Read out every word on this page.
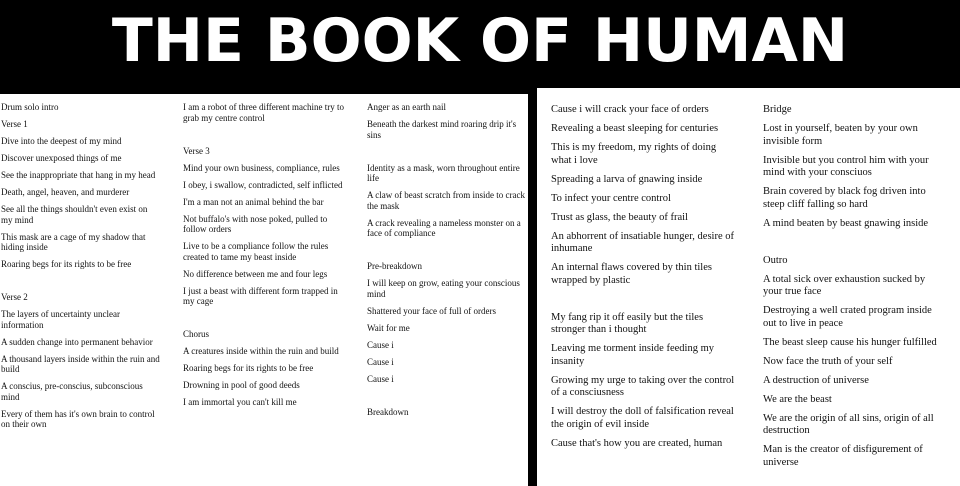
THE BOOK OF HUMAN
Drum solo intro
Verse 1
Dive into the deepest of my mind
Discover unexposed things of me
See the inappropriate that hang in my head
Death, angel, heaven, and murderer
See all the things shouldn't even exist on my mind
This mask are a cage of my shadow that hiding inside
Roaring begs for its rights to be free
Verse 2
The layers of uncertainty unclear information
A sudden change into permanent behavior
A thousand layers inside within the ruin and build
A conscius, pre-conscius, subconscious mind
Every of them has it's own brain to control on their own
I am a robot of three different machine try to grab my centre control
Verse 3
Mind your own business, compliance, rules
I obey, i swallow, contradicted, self inflicted
I'm a man not an animal behind the bar
Not buffalo's with nose poked, pulled to follow orders
Live to be a compliance follow the rules created to tame my beast inside
No difference between me and four legs
I just a beast with different form trapped in my cage
Chorus
A creatures inside within the ruin and build
Roaring begs for its rights to be free
Drowning in pool of good deeds
I am immortal you can't kill me
Anger as an earth nail
Beneath the darkest mind roaring drip it's sins
Identity as a mask, worn throughout entire life
A claw of beast scratch from inside to crack the mask
A crack revealing a nameless monster on a face of compliance
Pre-breakdown
I will keep on grow, eating your conscious mind
Shattered your face of full of orders
Wait for me
Cause i
Cause i
Cause i
Breakdown
Cause i will crack your face of orders
Revealing a beast sleeping for centuries
This is my freedom, my rights of doing what i love
Spreading a larva of gnawing inside
To infect your centre control
Trust as glass, the beauty of frail
An abhorrent of insatiable hunger, desire of inhumane
An internal flaws covered by thin tiles wrapped by plastic
My fang rip it off easily but the tiles stronger than i thought
Leaving me torment inside feeding my insanity
Growing my urge to taking over the control of a consciusness
I will destroy the doll of falsification reveal the origin of evil inside
Cause that's how you are created, human
Bridge
Lost in yourself, beaten by your own invisible form
Invisible but you control him with your mind with your consciuos
Brain covered by black fog driven into steep cliff falling so hard
A mind beaten by beast gnawing inside
Outro
A total sick over exhaustion sucked by your true face
Destroying a well crated program inside out to live in peace
The beast sleep cause his hunger fulfilled
Now face the truth of your self
A destruction of universe
We are the beast
We are the origin of all sins, origin of all destruction
Man is the creator of disfigurement of universe
